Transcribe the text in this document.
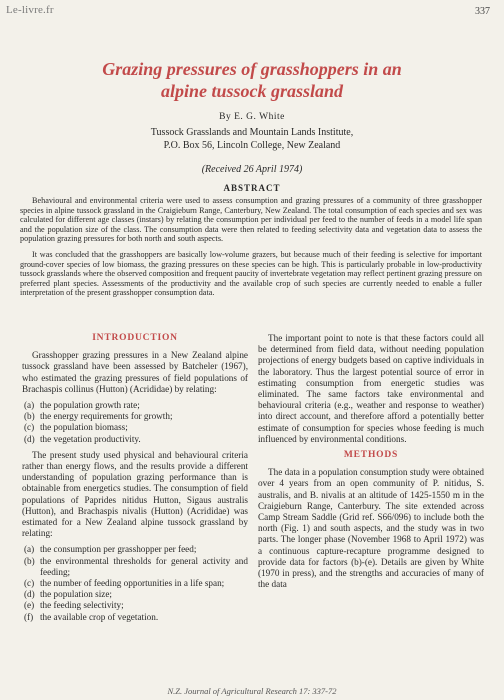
Le-livre.fr	337
Grazing pressures of grasshoppers in an
alpine tussock grassland
By E. G. White
Tussock Grasslands and Mountain Lands Institute,
P.O. Box 56, Lincoln College, New Zealand
(Received 26 April 1974)
ABSTRACT

Behavioural and environmental criteria were used to assess consumption and grazing pressures of a community of three grasshopper species in alpine tussock grassland in the Craigieburn Range, Canterbury, New Zealand. The total consumption of each species and sex was calculated for different age classes (instars) by relating the consumption per individual per feed to the number of feeds in a model life span and the population size of the class. The consumption data were then related to feeding selectivity data and vegetation data to assess the population grazing pressures for both north and south aspects.

It was concluded that the grasshoppers are basically low-volume grazers, but because much of their feeding is selective for important ground-cover species of low biomass, the grazing pressures on these species can be high. This is particularly probable in low-productivity tussock grasslands where the observed composition and frequent paucity of invertebrate vegetation may reflect pertinent grazing pressure on preferred plant species. Assessments of the productivity and the available crop of such species are currently needed to enable a fuller interpretation of the present grasshopper consumption data.

INTRODUCTION

Grasshopper grazing pressures in a New Zealand alpine tussock grassland have been assessed by Batcheler (1967), who estimated the grazing pressures of field populations of Brachaspis collinus (Hutton) (Acrididae) by relating:

(a) the population growth rate;
(b) the energy requirements for growth;
(c) the population biomass;
(d) the vegetation productivity.

The present study used physical and behavioural criteria rather than energy flows, and the results provide a different understanding of population grazing performance than is obtainable from energetics studies. The consumption of field populations of Paprides nitidus Hutton, Sigaus australis (Hutton), and Brachaspis nivalis (Hutton) (Acrididae) was estimated for a New Zealand alpine tussock grassland by relating:

(a) the consumption per grasshopper per feed;
(b) the environmental thresholds for general activity and feeding;
(c) the number of feeding opportunities in a life span;
(d) the population size;
(e) the feeding selectivity;
(f) the available crop of vegetation.

The important point to note is that these factors could all be determined from field data, without needing population projections of energy budgets based on captive individuals in the laboratory. Thus the largest potential source of error in estimating consumption from energetic studies was eliminated. The same factors take environmental and behavioural criteria (e.g., weather and response to weather) into direct account, and therefore afford a potentially better estimate of consumption for species whose feeding is much influenced by environmental conditions.

METHODS

The data in a population consumption study were obtained over 4 years from an open community of P. nitidus, S. australis, and B. nivalis at an altitude of 1425-1550 m in the Craigieburn Range, Canterbury. The site extended across Camp Stream Saddle (Grid ref. S66/096) to include both the north (Fig. 1) and south aspects, and the study was in two parts. The longer phase (November 1968 to April 1972) was a continuous capture-recapture programme designed to provide data for factors (b)-(e). Details are given by White (1970 in press), and the strengths and accuracies of many of the data

N.Z. Journal of Agricultural Research 17: 337-72
